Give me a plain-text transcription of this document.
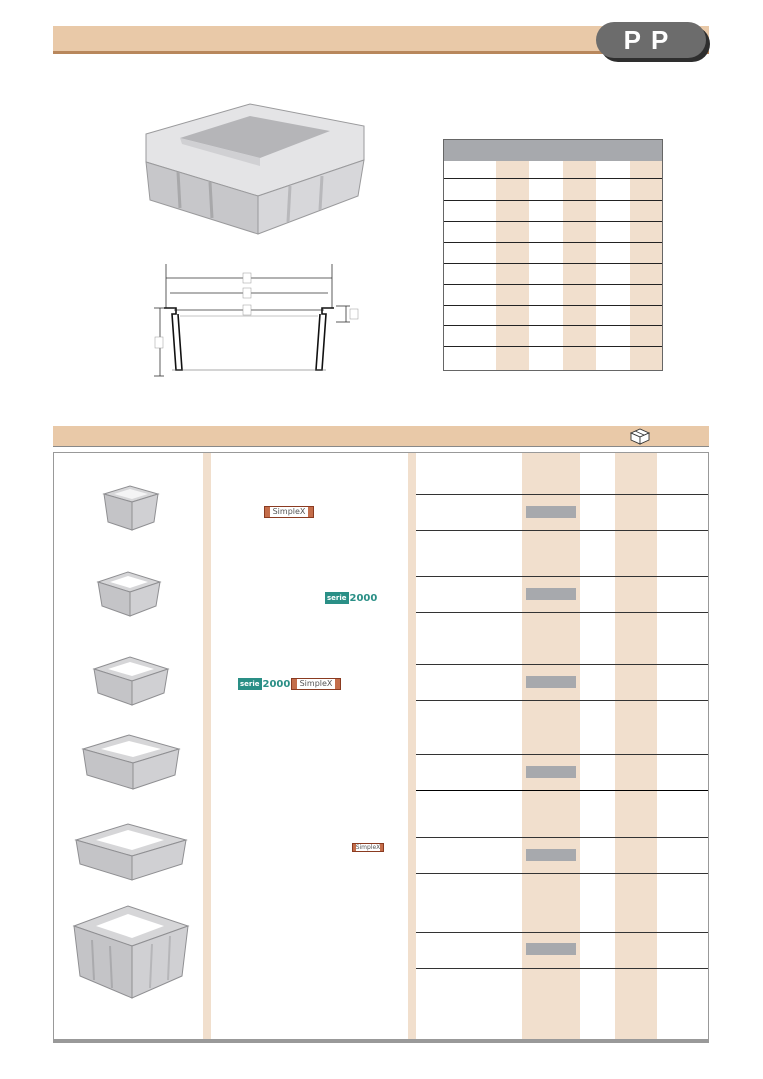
PP
SimpleX
serie 2000
serie 2000	SimpleX
SimpleX
